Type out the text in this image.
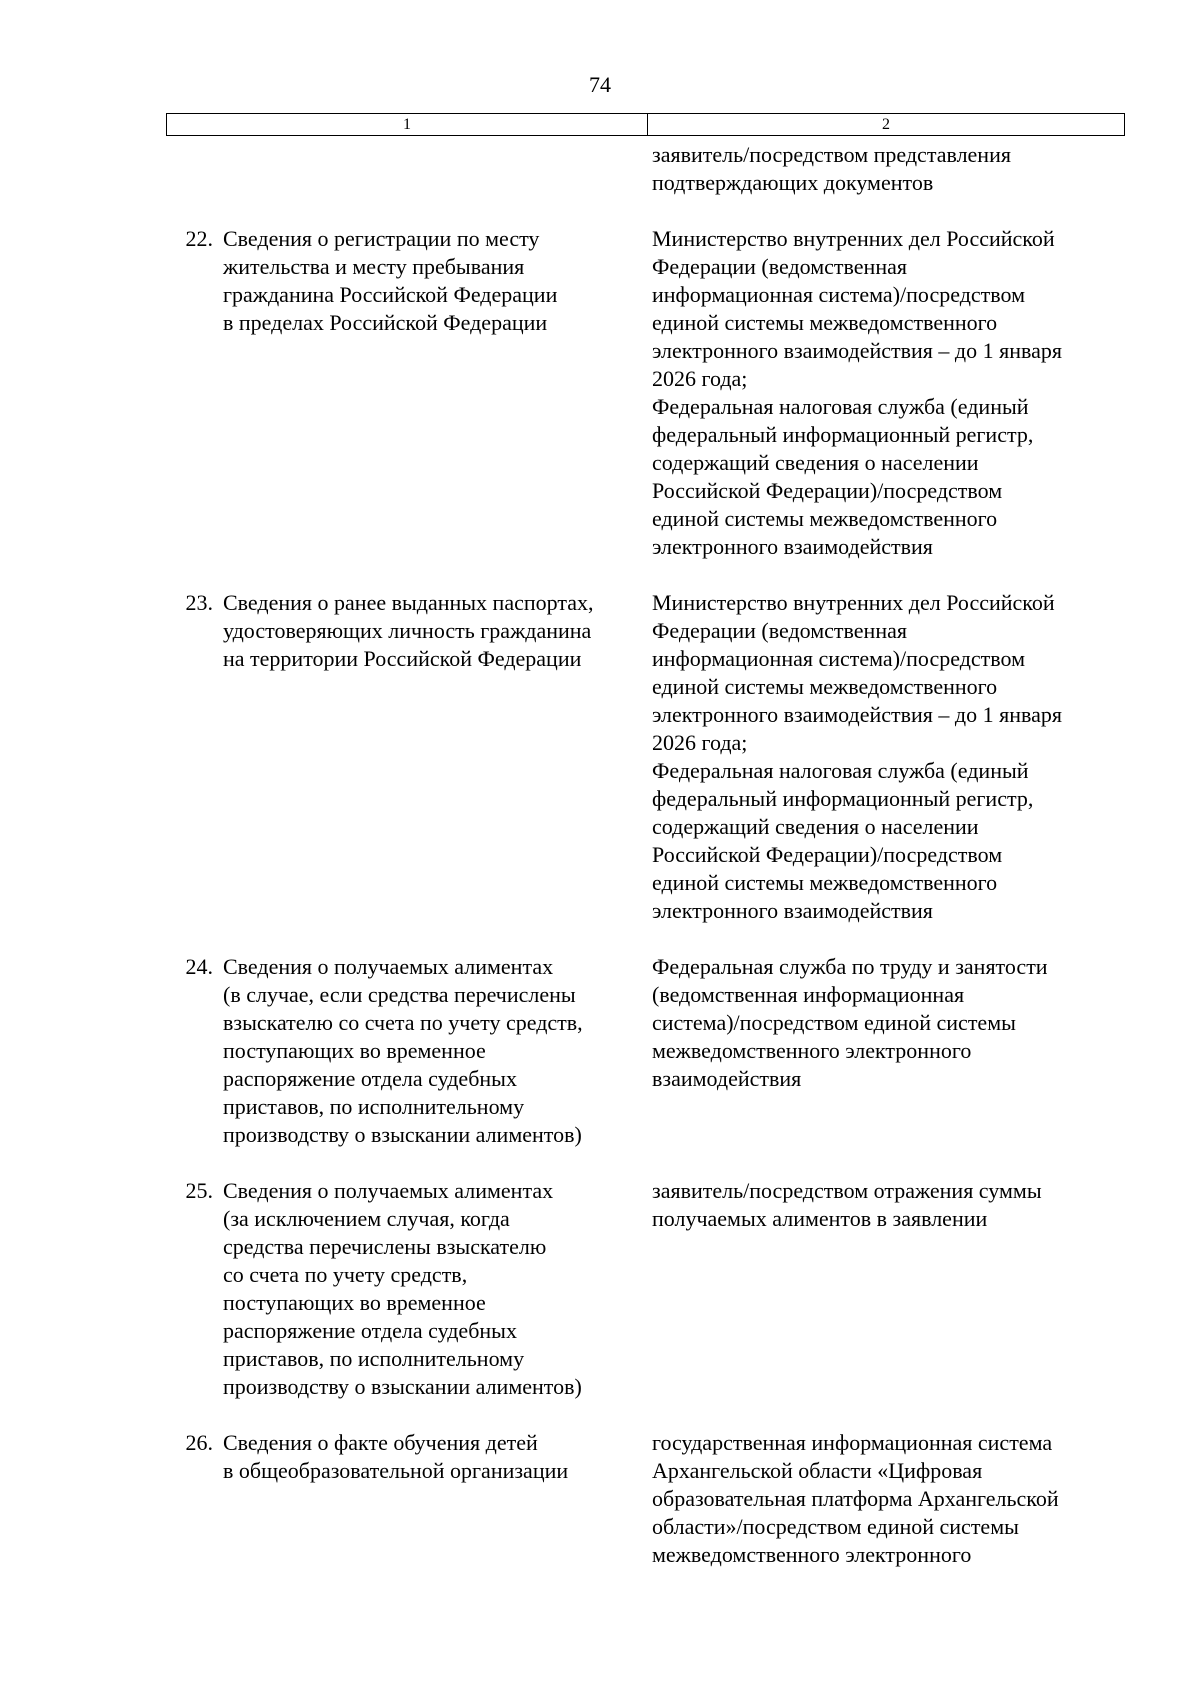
74
1	2
заявитель/посредством представления
подтверждающих документов
22. Сведения о регистрации по месту
жительства и месту пребывания
гражданина Российской Федерации
в пределах Российской Федерации
Министерство внутренних дел Российской
Федерации (ведомственная
информационная система)/посредством
единой системы межведомственного
электронного взаимодействия – до 1 января
2026 года;
Федеральная налоговая служба (единый
федеральный информационный регистр,
содержащий сведения о населении
Российской Федерации)/посредством
единой системы межведомственного
электронного взаимодействия
23. Сведения о ранее выданных паспортах,
удостоверяющих личность гражданина
на территории Российской Федерации
Министерство внутренних дел Российской
Федерации (ведомственная
информационная система)/посредством
единой системы межведомственного
электронного взаимодействия – до 1 января
2026 года;
Федеральная налоговая служба (единый
федеральный информационный регистр,
содержащий сведения о населении
Российской Федерации)/посредством
единой системы межведомственного
электронного взаимодействия
24. Сведения о получаемых алиментах
(в случае, если средства перечислены
взыскателю со счета по учету средств,
поступающих во временное
распоряжение отдела судебных
приставов, по исполнительному
производству о взыскании алиментов)
Федеральная служба по труду и занятости
(ведомственная информационная
система)/посредством единой системы
межведомственного электронного
взаимодействия
25. Сведения о получаемых алиментах
(за исключением случая, когда
средства перечислены взыскателю
со счета по учету средств,
поступающих во временное
распоряжение отдела судебных
приставов, по исполнительному
производству о взыскании алиментов)
заявитель/посредством отражения суммы
получаемых алиментов в заявлении
26. Сведения о факте обучения детей
в общеобразовательной организации
государственная информационная система
Архангельской области «Цифровая
образовательная платформа Архангельской
области»/посредством единой системы
межведомственного электронного
